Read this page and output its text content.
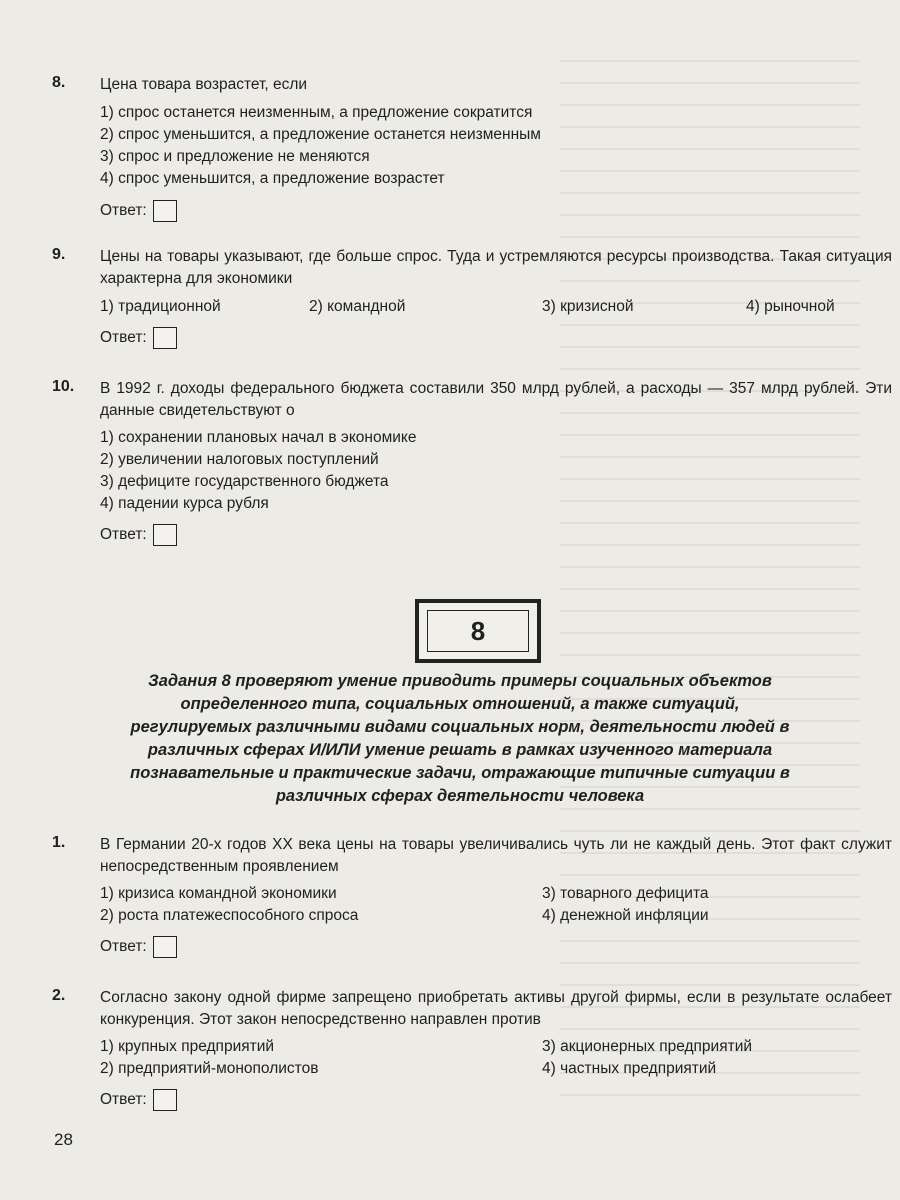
8. Цена товара возрастет, если
1) спрос останется неизменным, а предложение сократится
2) спрос уменьшится, а предложение останется неизменным
3) спрос и предложение не меняются
4) спрос уменьшится, а предложение возрастет
Ответ:
9. Цены на товары указывают, где больше спрос. Туда и устремляются ресурсы производства. Такая ситуация характерна для экономики
1) традиционной	2) командной	3) кризисной	4) рыночной
Ответ:
10. В 1992 г. доходы федерального бюджета составили 350 млрд рублей, а расходы — 357 млрд рублей. Эти данные свидетельствуют о
1) сохранении плановых начал в экономике
2) увеличении налоговых поступлений
3) дефиците государственного бюджета
4) падении курса рубля
Ответ:
8
Задания 8 проверяют умение приводить примеры социальных объектов определенного типа, социальных отношений, а также ситуаций, регулируемых различными видами социальных норм, деятельности людей в различных сферах И/ИЛИ умение решать в рамках изученного материала познавательные и практические задачи, отражающие типичные ситуации в различных сферах деятельности человека
1. В Германии 20-х годов XX века цены на товары увеличивались чуть ли не каждый день. Этот факт служит непосредственным проявлением
1) кризиса командной экономики	3) товарного дефицита
2) роста платежеспособного спроса	4) денежной инфляции
Ответ:
2. Согласно закону одной фирме запрещено приобретать активы другой фирмы, если в результате ослабеет конкуренция. Этот закон непосредственно направлен против
1) крупных предприятий	3) акционерных предприятий
2) предприятий-монополистов	4) частных предприятий
Ответ:
28
